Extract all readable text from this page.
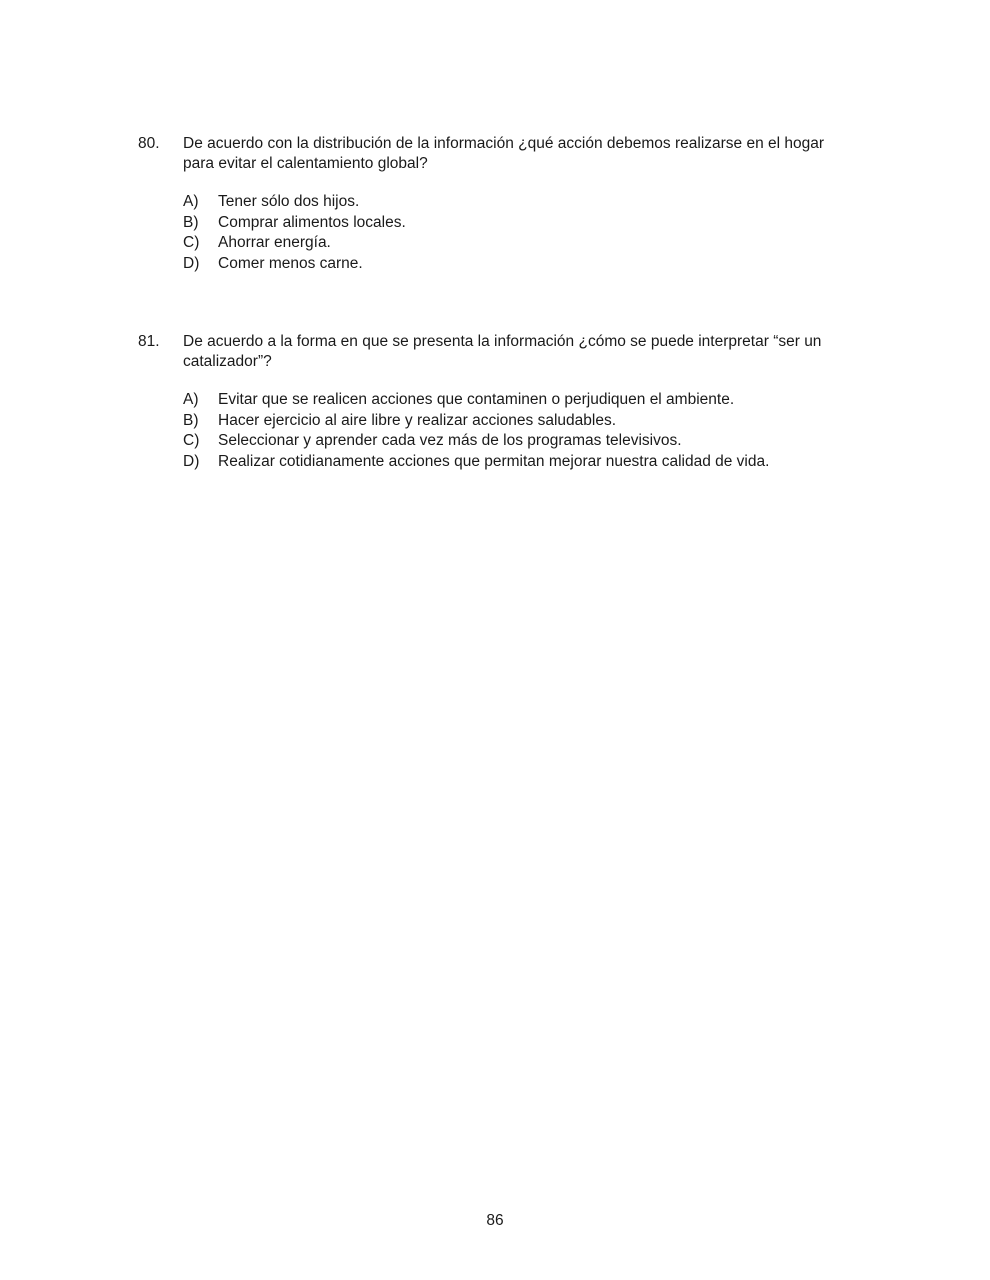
80.	De acuerdo con la distribución de la información ¿qué acción debemos realizarse en el hogar para evitar el calentamiento global?
A)	Tener sólo dos hijos.
B)	Comprar alimentos locales.
C)	Ahorrar energía.
D)	Comer menos carne.
81.	De acuerdo a la forma en que se presenta la información ¿cómo se puede interpretar “ser un catalizador”?
A)	Evitar que se realicen acciones que contaminen o perjudiquen el ambiente.
B)	Hacer ejercicio al aire libre y realizar acciones saludables.
C)	Seleccionar y aprender cada vez más de los programas televisivos.
D)	Realizar cotidianamente acciones que permitan mejorar nuestra calidad de vida.
86
